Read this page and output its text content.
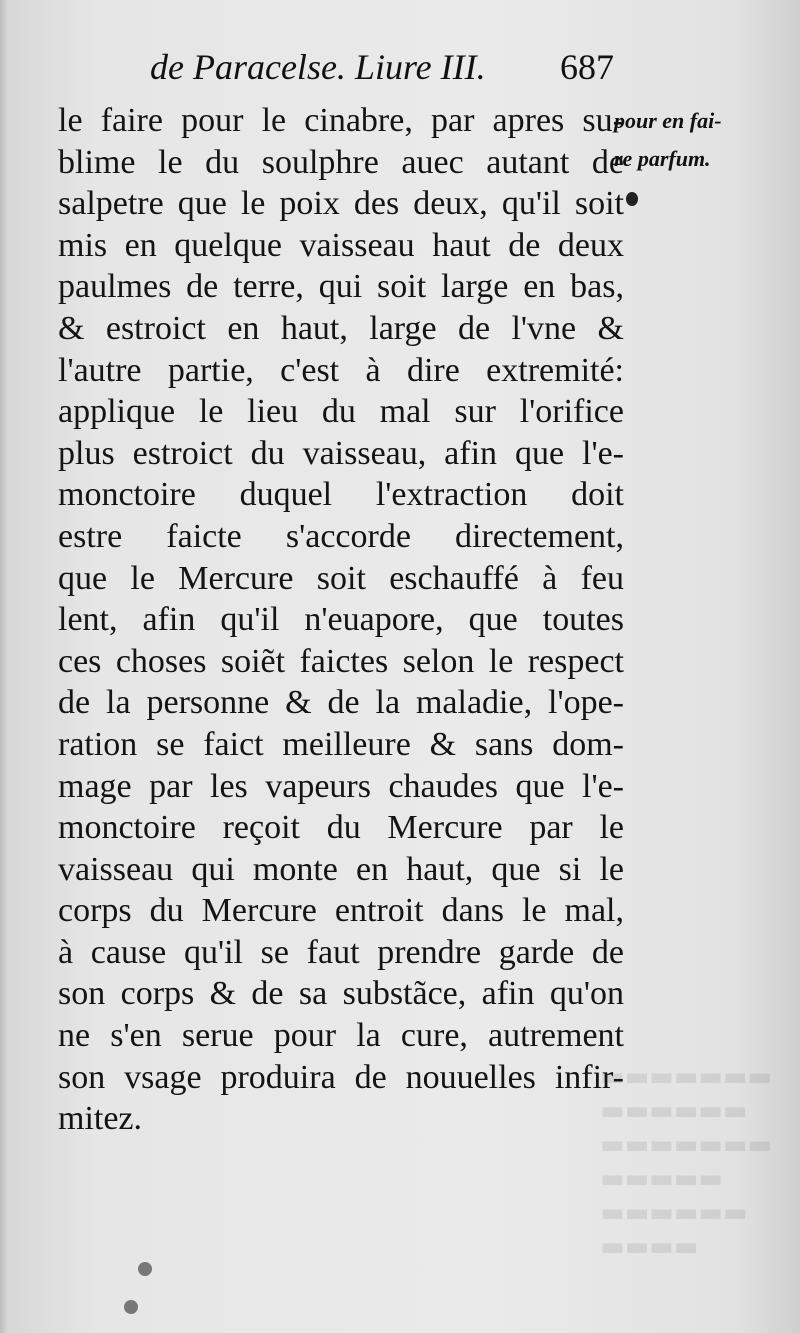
▬▬▬▬▬▬▬
▬▬▬▬▬▬
▬▬▬▬▬▬▬
▬▬▬▬▬
▬▬▬▬▬▬
▬▬▬▬
de Paracelse. Liure III. 687
le faire pour le cinabre, par apres su-
blime le du soulphre auec autant de
salpetre que le poix des deux, qu'il soit
mis en quelque vaisseau haut de deux
paulmes de terre, qui soit large en bas,
& estroict en haut, large de l'vne &
l'autre partie, c'est à dire extremité:
applique le lieu du mal sur l'orifice
plus estroict du vaisseau, afin que l'e-
monctoire duquel l'extraction doit
estre faicte s'accorde directement,
que le Mercure soit eschauffé à feu
lent, afin qu'il n'euapore, que toutes
ces choses soiẽt faictes selon le respect
de la personne & de la maladie, l'ope-
ration se faict meilleure & sans dom-
mage par les vapeurs chaudes que l'e-
monctoire reçoit du Mercure par le
vaisseau qui monte en haut, que si le
corps du Mercure entroit dans le mal,
à cause qu'il se faut prendre garde de
son corps & de sa substãce, afin qu'on
ne s'en serue pour la cure, autrement
son vsage produira de nouuelles infir-
mitez.
pour en fai-
re parfum.
